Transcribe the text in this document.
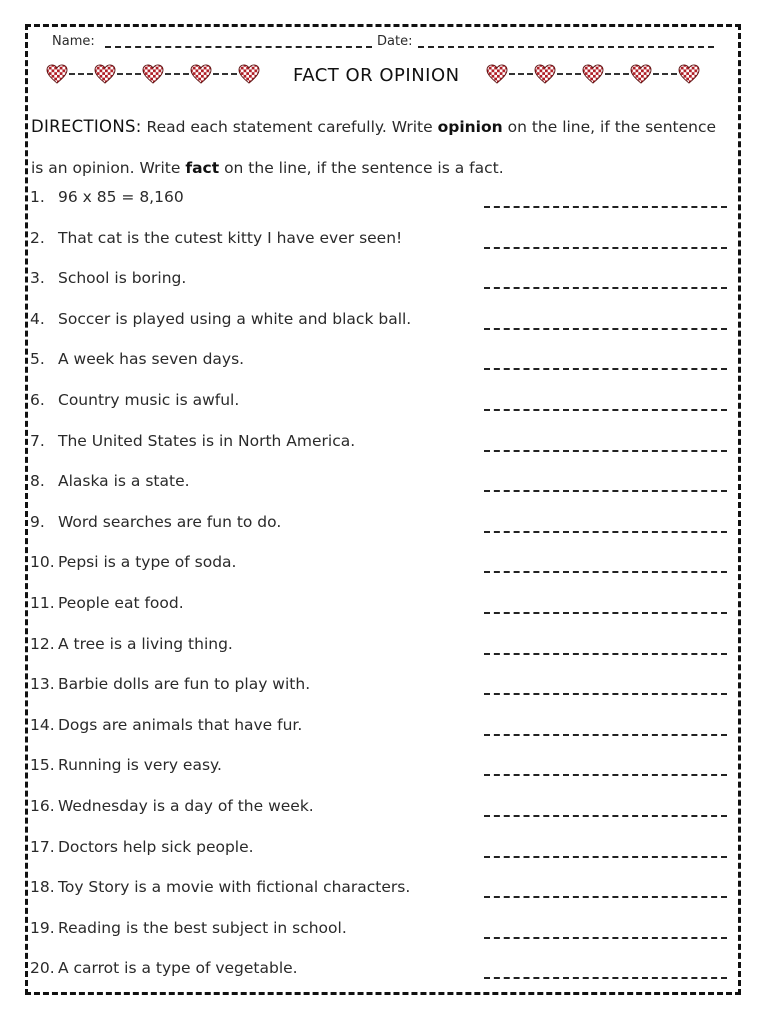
Name:	Date:
FACT OR OPINION
DIRECTIONS: Read each statement carefully. Write opinion on the line, if the sentence is an opinion. Write fact on the line, if the sentence is a fact.
1. 96 x 85 = 8,160
2. That cat is the cutest kitty I have ever seen!
3. School is boring.
4. Soccer is played using a white and black ball.
5. A week has seven days.
6. Country music is awful.
7. The United States is in North America.
8. Alaska is a state.
9. Word searches are fun to do.
10. Pepsi is a type of soda.
11. People eat food.
12. A tree is a living thing.
13. Barbie dolls are fun to play with.
14. Dogs are animals that have fur.
15. Running is very easy.
16. Wednesday is a day of the week.
17. Doctors help sick people.
18. Toy Story is a movie with fictional characters.
19. Reading is the best subject in school.
20. A carrot is a type of vegetable.
